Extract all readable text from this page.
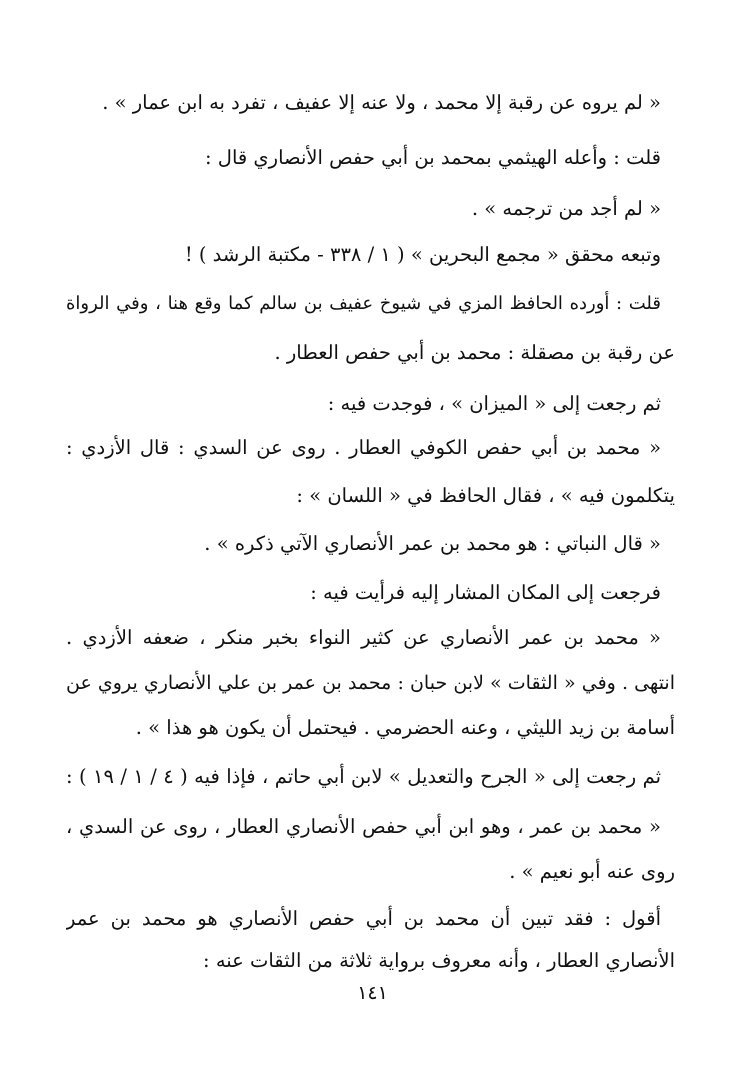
« لم يروه عن رقبة إلا محمد ، ولا عنه إلا عفيف ، تفرد به ابن عمار » .
قلت : وأعله الهيثمي بمحمد بن أبي حفص الأنصاري قال :
« لم أجد من ترجمه » .
وتبعه محقق « مجمع البحرين » ( ١ / ٣٣٨ - مكتبة الرشد ) !
قلت : أورده الحافظ المزي في شيوخ عفيف بن سالم كما وقع هنا ، وفي الرواة
عن رقبة بن مصقلة : محمد بن أبي حفص العطار .
ثم رجعت إلى « الميزان » ، فوجدت فيه :
« محمد بن أبي حفص الكوفي العطار . روى عن السدي : قال الأزدي :
يتكلمون فيه » ، فقال الحافظ في « اللسان » :
« قال النباتي : هو محمد بن عمر الأنصاري الآتي ذكره » .
فرجعت إلى المكان المشار إليه فرأيت فيه :
« محمد بن عمر الأنصاري عن كثير النواء بخبر منكر ، ضعفه الأزدي .
انتهى . وفي « الثقات » لابن حبان : محمد بن عمر بن علي الأنصاري يروي عن
أسامة بن زيد الليثي ، وعنه الحضرمي . فيحتمل أن يكون هو هذا » .
ثم رجعت إلى « الجرح والتعديل » لابن أبي حاتم ، فإذا فيه ( ٤ / ١ / ١٩ ) :
« محمد بن عمر ، وهو ابن أبي حفص الأنصاري العطار ، روى عن السدي ،
روى عنه أبو نعيم » .
أقول : فقد تبين أن محمد بن أبي حفص الأنصاري هو محمد بن عمر
الأنصاري العطار ، وأنه معروف برواية ثلاثة من الثقات عنه :
١٤١
